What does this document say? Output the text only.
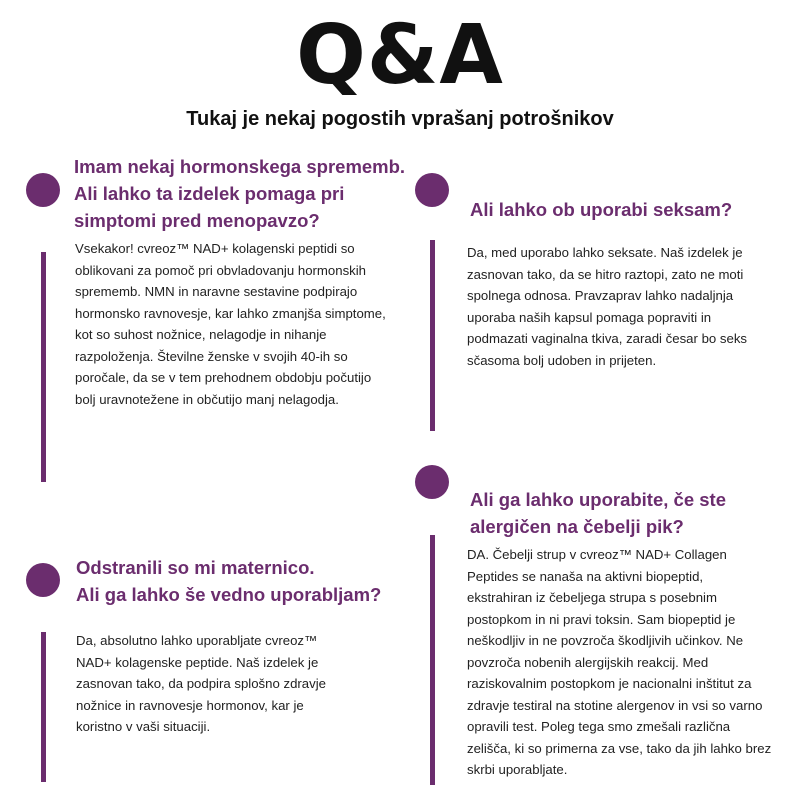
Q&A
Tukaj je nekaj pogostih vprašanj potrošnikov
Imam nekaj hormonskega sprememb.
Ali lahko ta izdelek pomaga pri
simptomi pred menopavzo?
Vsekakor! cvreoz™ NAD+ kolagenski peptidi so
oblikovani za pomoč pri obvladovanju hormonskih
sprememb. NMN in naravne sestavine podpirajo
hormonsko ravnovesje, kar lahko zmanjša simptome,
kot so suhost nožnice, nelagodje in nihanje
razpoloženja. Številne ženske v svojih 40-ih so
poročale, da se v tem prehodnem obdobju počutijo
bolj uravnotežene in občutijo manj nelagodja.
Ali lahko ob uporabi seksam?
Da, med uporabo lahko seksate. Naš izdelek je
zasnovan tako, da se hitro raztopi, zato ne moti
spolnega odnosa. Pravzaprav lahko nadaljnja
uporaba naših kapsul pomaga popraviti in
podmazati vaginalna tkiva, zaradi česar bo seks
sčasoma bolj udoben in prijeten.
Odstranili so mi maternico.
Ali ga lahko še vedno uporabljam?
Da, absolutno lahko uporabljate cvreoz™
NAD+ kolagenske peptide. Naš izdelek je
zasnovan tako, da podpira splošno zdravje
nožnice in ravnovesje hormonov, kar je
koristno v vaši situaciji.
Ali ga lahko uporabite, če ste
alergičen na čebelji pik?
DA. Čebelji strup v cvreoz™ NAD+ Collagen
Peptides se nanaša na aktivni biopeptid,
ekstrahiran iz čebeljega strupa s posebnim
postopkom in ni pravi toksin. Sam biopeptid je
neškodljiv in ne povzroča škodljivih učinkov. Ne
povzroča nobenih alergijskih reakcij. Med
raziskovalnim postopkom je nacionalni inštitut za
zdravje testiral na stotine alergenov in vsi so varno
opravili test. Poleg tega smo zmešali različna
zelišča, ki so primerna za vse, tako da jih lahko brez
skrbi uporabljate.
